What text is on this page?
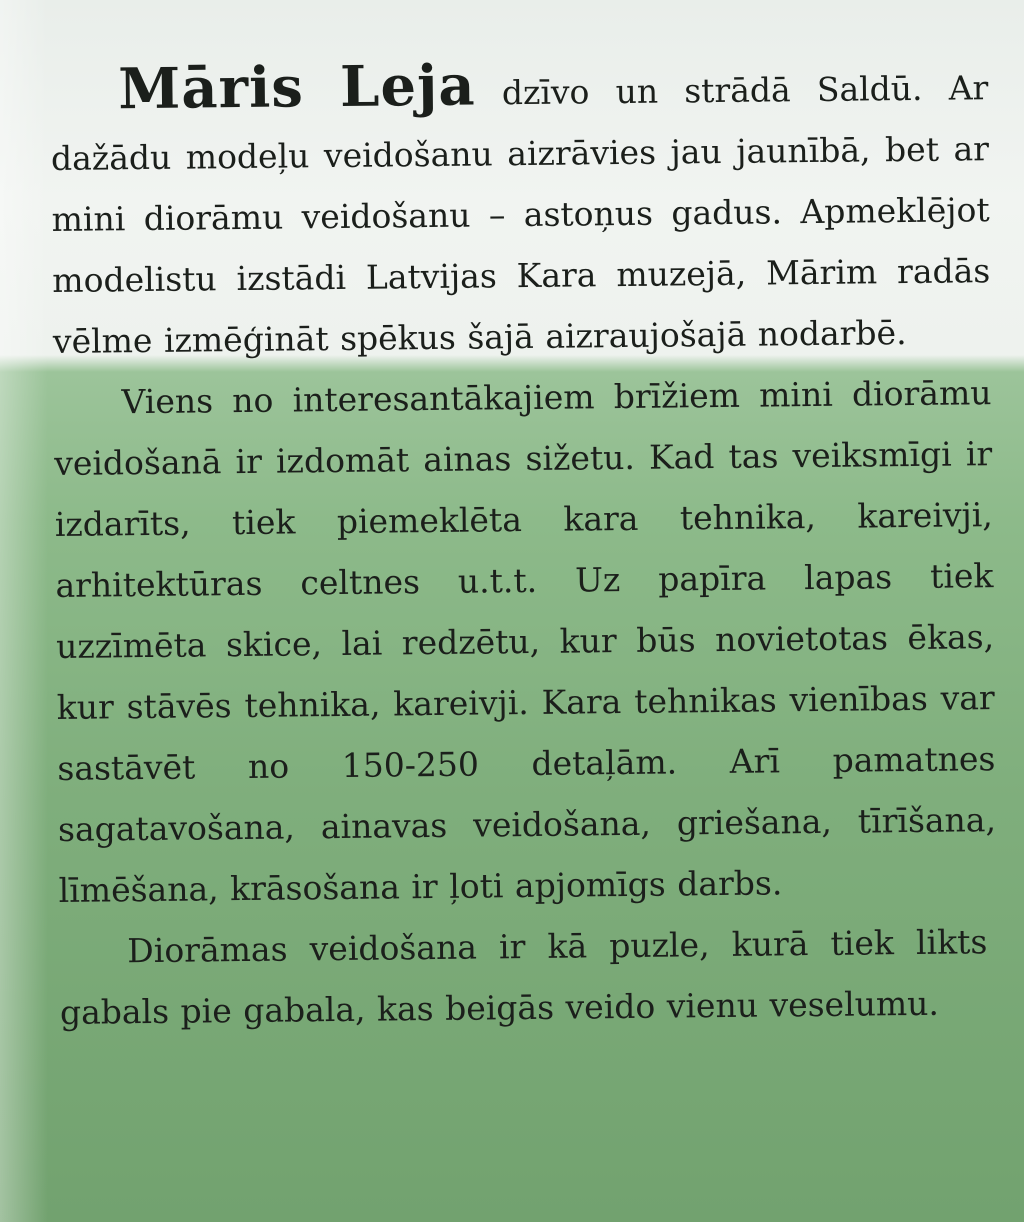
Māris Leja dzīvo un strādā Saldū. Ar dažādu modeļu veidošanu aizrāvies jau jaunībā, bet ar mini diorāmu veidošanu – astoņus gadus. Apmeklējot modelistu izstādi Latvijas Kara muzejā, Mārim radās vēlme izmēģināt spēkus šajā aizraujošajā nodarbē.

Viens no interesantākajiem brīžiem mini diorāmu veidošanā ir izdomāt ainas sižetu. Kad tas veiksmīgi ir izdarīts, tiek piemeklēta kara tehnika, kareivji, arhitektūras celtnes u.t.t. Uz papīra lapas tiek uzzīmēta skice, lai redzētu, kur būs novietotas ēkas, kur stāvēs tehnika, kareivji. Kara tehnikas vienības var sastāvēt no 150-250 detaļām. Arī pamatnes sagatavošana, ainavas veidošana, griešana, tīrīšana, līmēšana, krāsošana ir ļoti apjomīgs darbs.

Diorāmas veidošana ir kā puzle, kurā tiek likts gabals pie gabala, kas beigās veido vienu veselumu.
